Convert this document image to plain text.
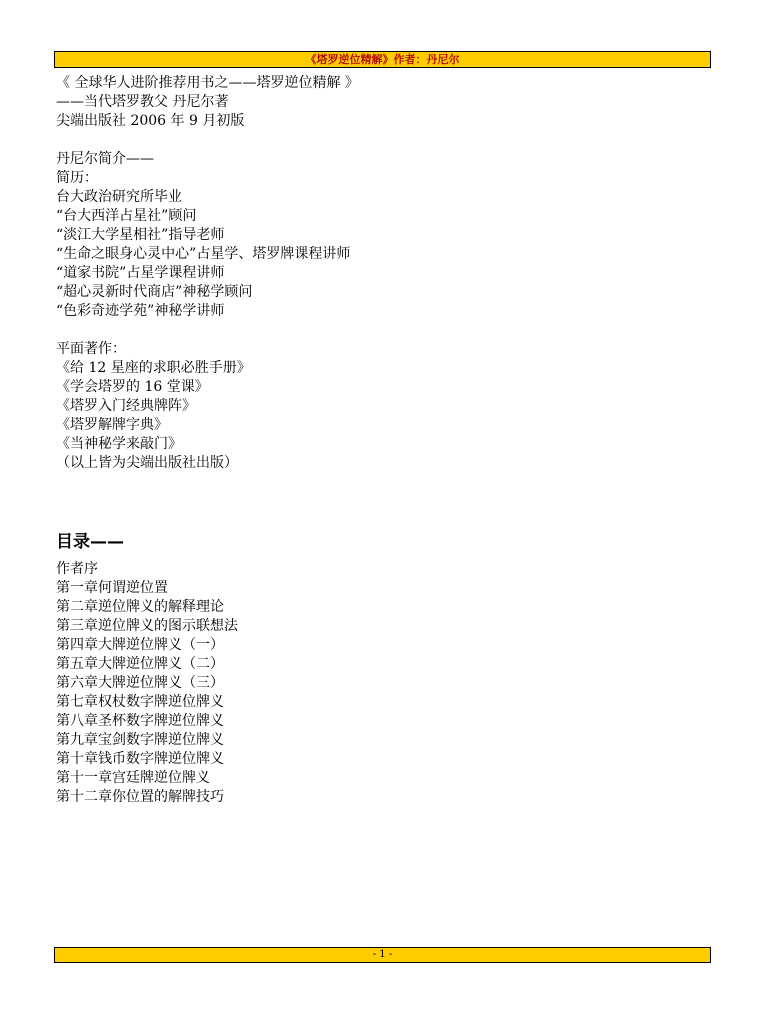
《塔罗逆位精解》作者：丹尼尔
《 全球华人进阶推荐用书之——塔罗逆位精解 》
——当代塔罗教父 丹尼尔著
尖端出版社 2006 年 9 月初版
丹尼尔简介——
简历：
台大政治研究所毕业
“台大西洋占星社”顾问
“淡江大学星相社”指导老师
“生命之眼身心灵中心”占星学、塔罗牌课程讲师
“道家书院”占星学课程讲师
“超心灵新时代商店”神秘学顾问
“色彩奇迹学苑”神秘学讲师
平面著作：
《给 12 星座的求职必胜手册》
《学会塔罗的 16 堂课》
《塔罗入门经典牌阵》
《塔罗解牌字典》
《当神秘学来敲门》
（以上皆为尖端出版社出版）
目录——
作者序
第一章何谓逆位置
第二章逆位牌义的解释理论
第三章逆位牌义的图示联想法
第四章大牌逆位牌义（一）
第五章大牌逆位牌义（二）
第六章大牌逆位牌义（三）
第七章权杖数字牌逆位牌义
第八章圣杯数字牌逆位牌义
第九章宝剑数字牌逆位牌义
第十章钱币数字牌逆位牌义
第十一章宫廷牌逆位牌义
第十二章你位置的解牌技巧
- 1 -
